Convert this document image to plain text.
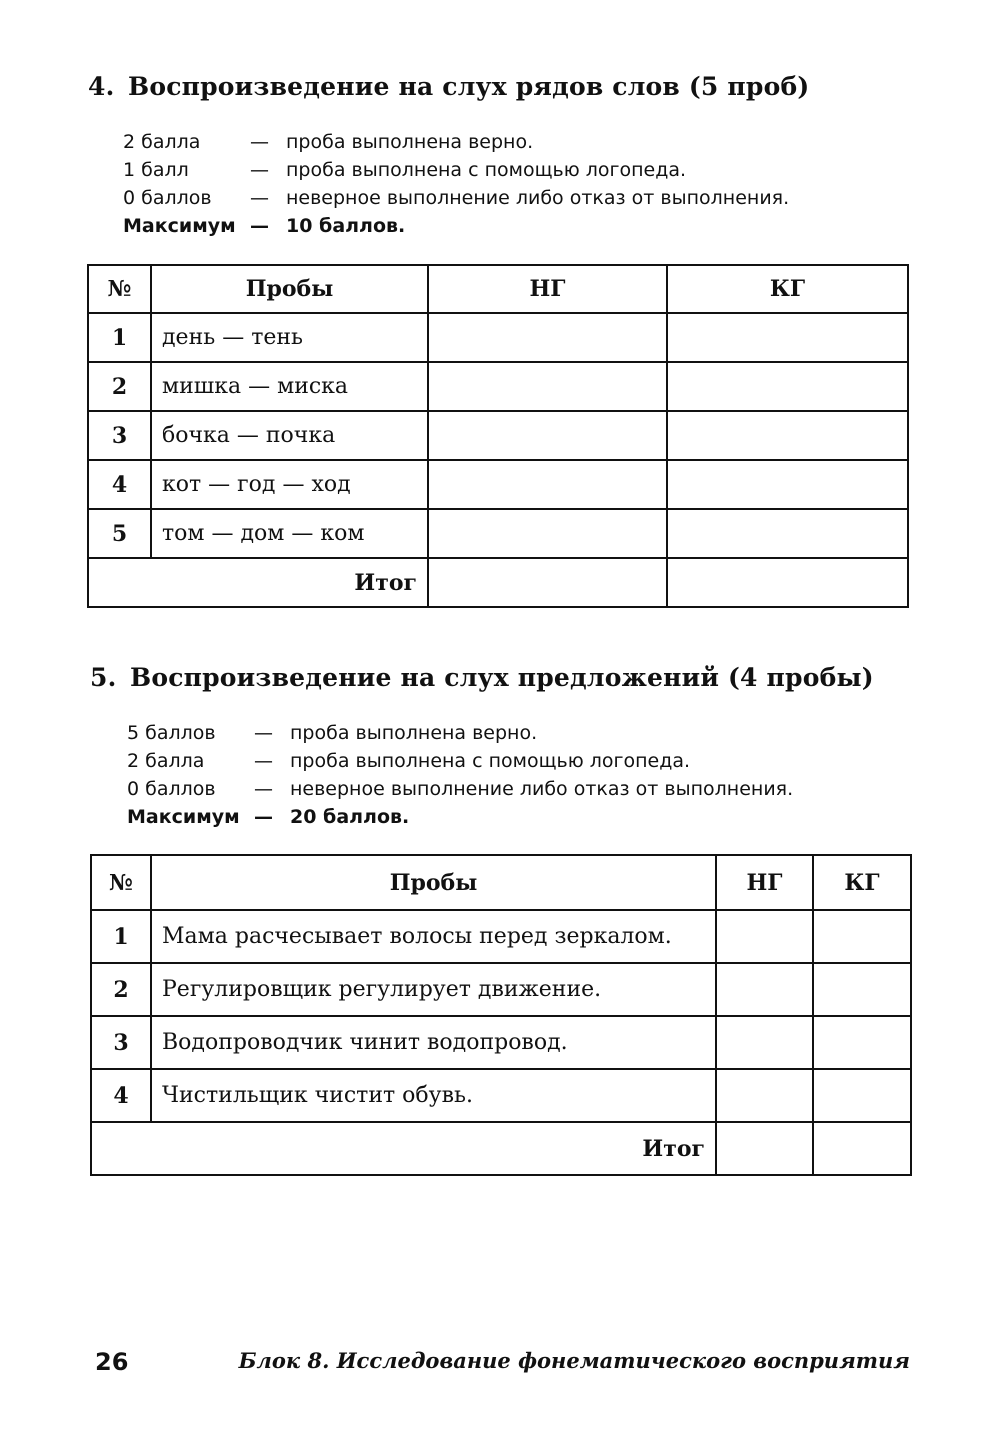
4. Воспроизведение на слух рядов слов (5 проб)
2 балла	— проба выполнена верно.
1 балл	— проба выполнена с помощью логопеда.
0 баллов — неверное выполнение либо отказ от выполнения.
Максимум — 10 баллов.
№	Пробы	НГ	КГ
1	день — тень		
2	мишка — миска		
3	бочка — почка		
4	кот — год — ход		
5	том — дом — ком		
Итог			
5. Воспроизведение на слух предложений (4 пробы)
5 баллов — проба выполнена верно.
2 балла	— проба выполнена с помощью логопеда.
0 баллов — неверное выполнение либо отказ от выполнения.
Максимум — 20 баллов.
№	Пробы	НГ	КГ
1	Мама расчесывает волосы перед зеркалом.		
2	Регулировщик регулирует движение.		
3	Водопроводчик чинит водопровод.		
4	Чистильщик чистит обувь.		
Итог			
26	Блок 8. Исследование фонематического восприятия
